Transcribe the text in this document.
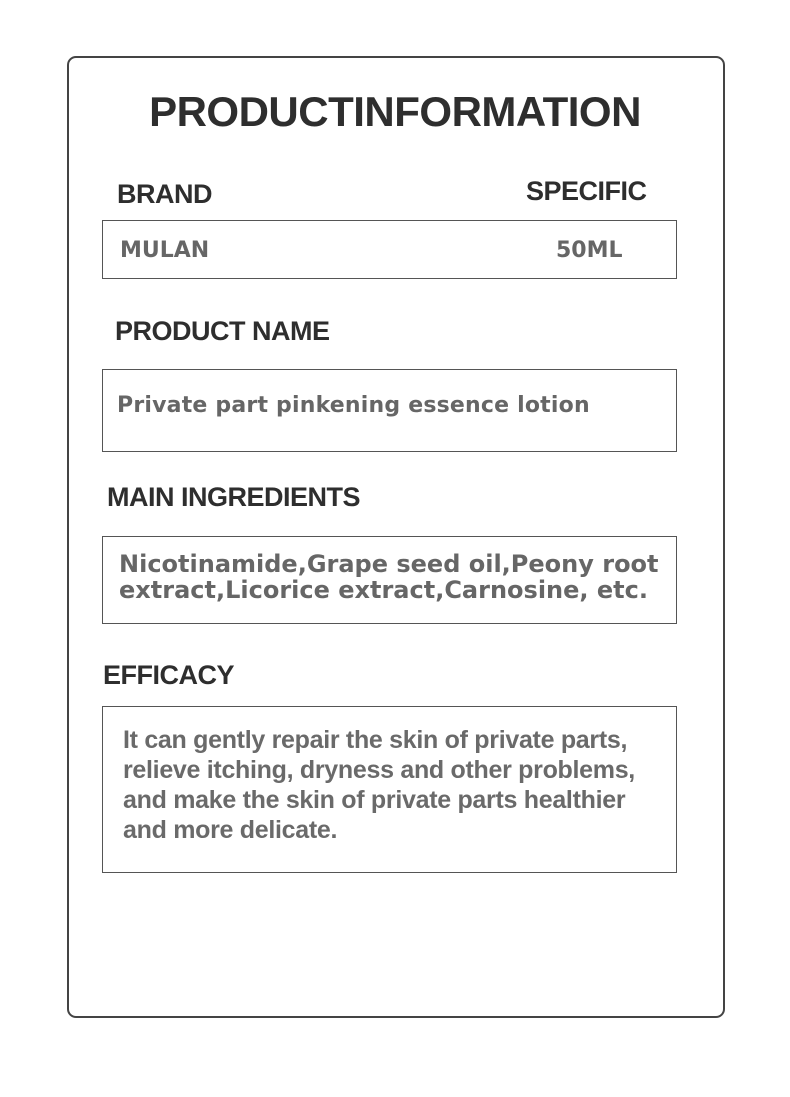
PRODUCTINFORMATION
BRAND	SPECIFIC
MULAN	50ML
PRODUCT NAME
Private part pinkening essence lotion
MAIN INGREDIENTS
Nicotinamide,Grape seed oil,Peony root
extract,Licorice extract,Carnosine, etc.
EFFICACY
It can gently repair the skin of private parts,
relieve itching, dryness and other problems,
and make the skin of private parts healthier
and more delicate.
